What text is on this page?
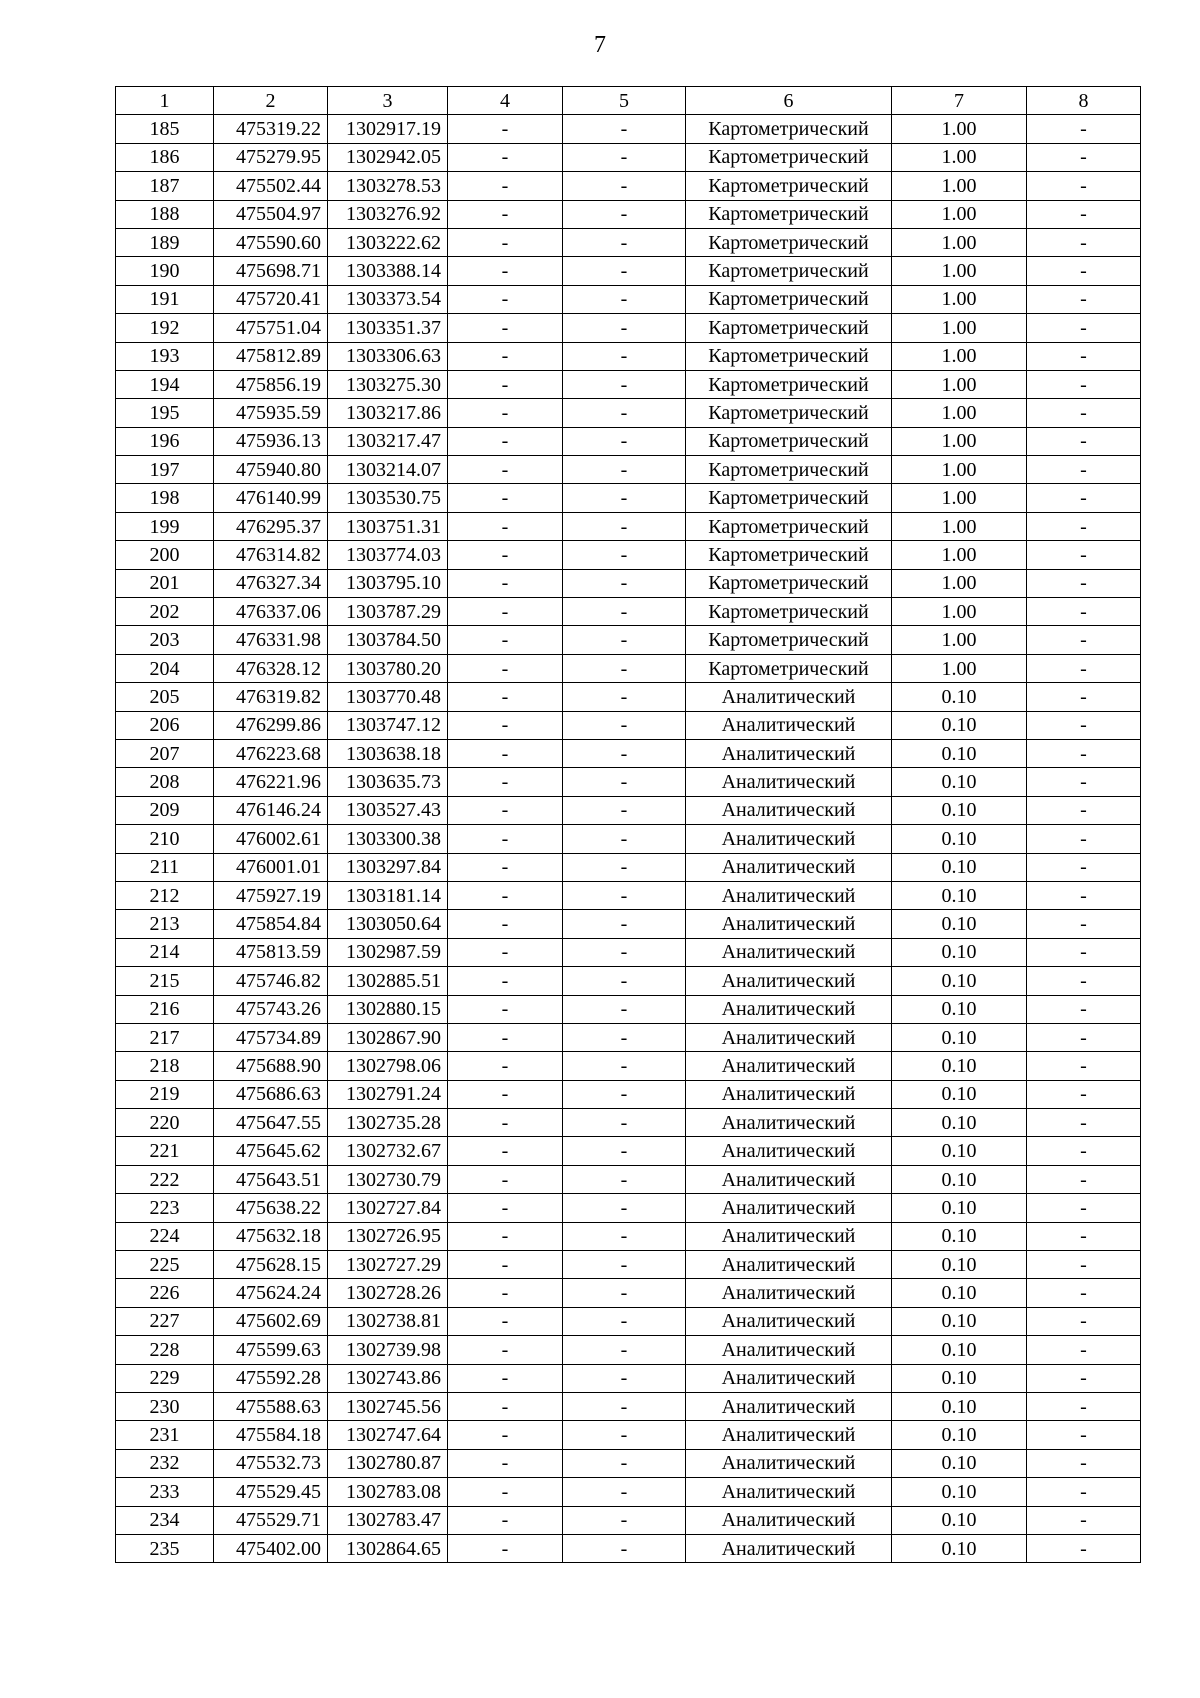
7
1	2	3	4	5	6	7	8
185	475319.22	1302917.19	-	-	Картометрический	1.00	-
186	475279.95	1302942.05	-	-	Картометрический	1.00	-
187	475502.44	1303278.53	-	-	Картометрический	1.00	-
188	475504.97	1303276.92	-	-	Картометрический	1.00	-
189	475590.60	1303222.62	-	-	Картометрический	1.00	-
190	475698.71	1303388.14	-	-	Картометрический	1.00	-
191	475720.41	1303373.54	-	-	Картометрический	1.00	-
192	475751.04	1303351.37	-	-	Картометрический	1.00	-
193	475812.89	1303306.63	-	-	Картометрический	1.00	-
194	475856.19	1303275.30	-	-	Картометрический	1.00	-
195	475935.59	1303217.86	-	-	Картометрический	1.00	-
196	475936.13	1303217.47	-	-	Картометрический	1.00	-
197	475940.80	1303214.07	-	-	Картометрический	1.00	-
198	476140.99	1303530.75	-	-	Картометрический	1.00	-
199	476295.37	1303751.31	-	-	Картометрический	1.00	-
200	476314.82	1303774.03	-	-	Картометрический	1.00	-
201	476327.34	1303795.10	-	-	Картометрический	1.00	-
202	476337.06	1303787.29	-	-	Картометрический	1.00	-
203	476331.98	1303784.50	-	-	Картометрический	1.00	-
204	476328.12	1303780.20	-	-	Картометрический	1.00	-
205	476319.82	1303770.48	-	-	Аналитический	0.10	-
206	476299.86	1303747.12	-	-	Аналитический	0.10	-
207	476223.68	1303638.18	-	-	Аналитический	0.10	-
208	476221.96	1303635.73	-	-	Аналитический	0.10	-
209	476146.24	1303527.43	-	-	Аналитический	0.10	-
210	476002.61	1303300.38	-	-	Аналитический	0.10	-
211	476001.01	1303297.84	-	-	Аналитический	0.10	-
212	475927.19	1303181.14	-	-	Аналитический	0.10	-
213	475854.84	1303050.64	-	-	Аналитический	0.10	-
214	475813.59	1302987.59	-	-	Аналитический	0.10	-
215	475746.82	1302885.51	-	-	Аналитический	0.10	-
216	475743.26	1302880.15	-	-	Аналитический	0.10	-
217	475734.89	1302867.90	-	-	Аналитический	0.10	-
218	475688.90	1302798.06	-	-	Аналитический	0.10	-
219	475686.63	1302791.24	-	-	Аналитический	0.10	-
220	475647.55	1302735.28	-	-	Аналитический	0.10	-
221	475645.62	1302732.67	-	-	Аналитический	0.10	-
222	475643.51	1302730.79	-	-	Аналитический	0.10	-
223	475638.22	1302727.84	-	-	Аналитический	0.10	-
224	475632.18	1302726.95	-	-	Аналитический	0.10	-
225	475628.15	1302727.29	-	-	Аналитический	0.10	-
226	475624.24	1302728.26	-	-	Аналитический	0.10	-
227	475602.69	1302738.81	-	-	Аналитический	0.10	-
228	475599.63	1302739.98	-	-	Аналитический	0.10	-
229	475592.28	1302743.86	-	-	Аналитический	0.10	-
230	475588.63	1302745.56	-	-	Аналитический	0.10	-
231	475584.18	1302747.64	-	-	Аналитический	0.10	-
232	475532.73	1302780.87	-	-	Аналитический	0.10	-
233	475529.45	1302783.08	-	-	Аналитический	0.10	-
234	475529.71	1302783.47	-	-	Аналитический	0.10	-
235	475402.00	1302864.65	-	-	Аналитический	0.10	-
